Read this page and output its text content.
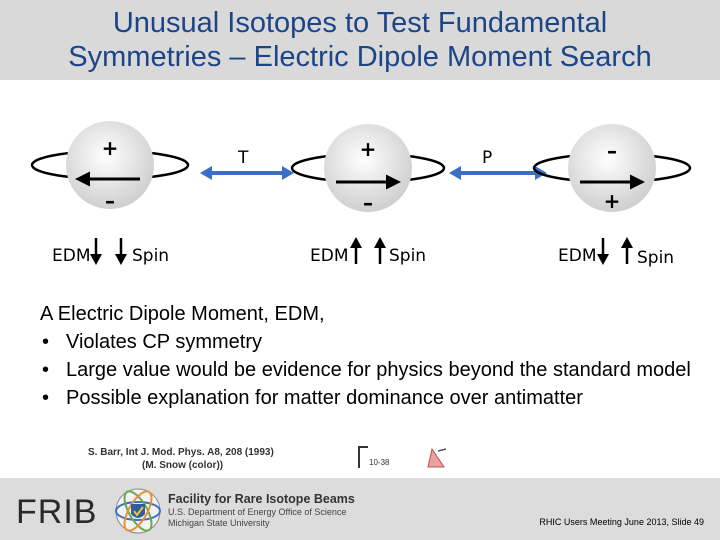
Unusual Isotopes to Test Fundamental
Symmetries – Electric Dipole Moment Search
+
–
EDM Spin
T	+
–
EDM Spin
P	–
+
EDM Spin
A Electric Dipole Moment, EDM,
• Violates CP symmetry
• Large value would be evidence for physics beyond the standard model
• Possible explanation for matter dominance over antimatter
S. Barr, Int J. Mod. Phys. A8, 208 (1993)
(M. Snow (color))	10-38
FRIB	Facility for Rare Isotope Beams
U.S. Department of Energy Office of Science
Michigan State University	RHIC Users Meeting June 2013, Slide 49
